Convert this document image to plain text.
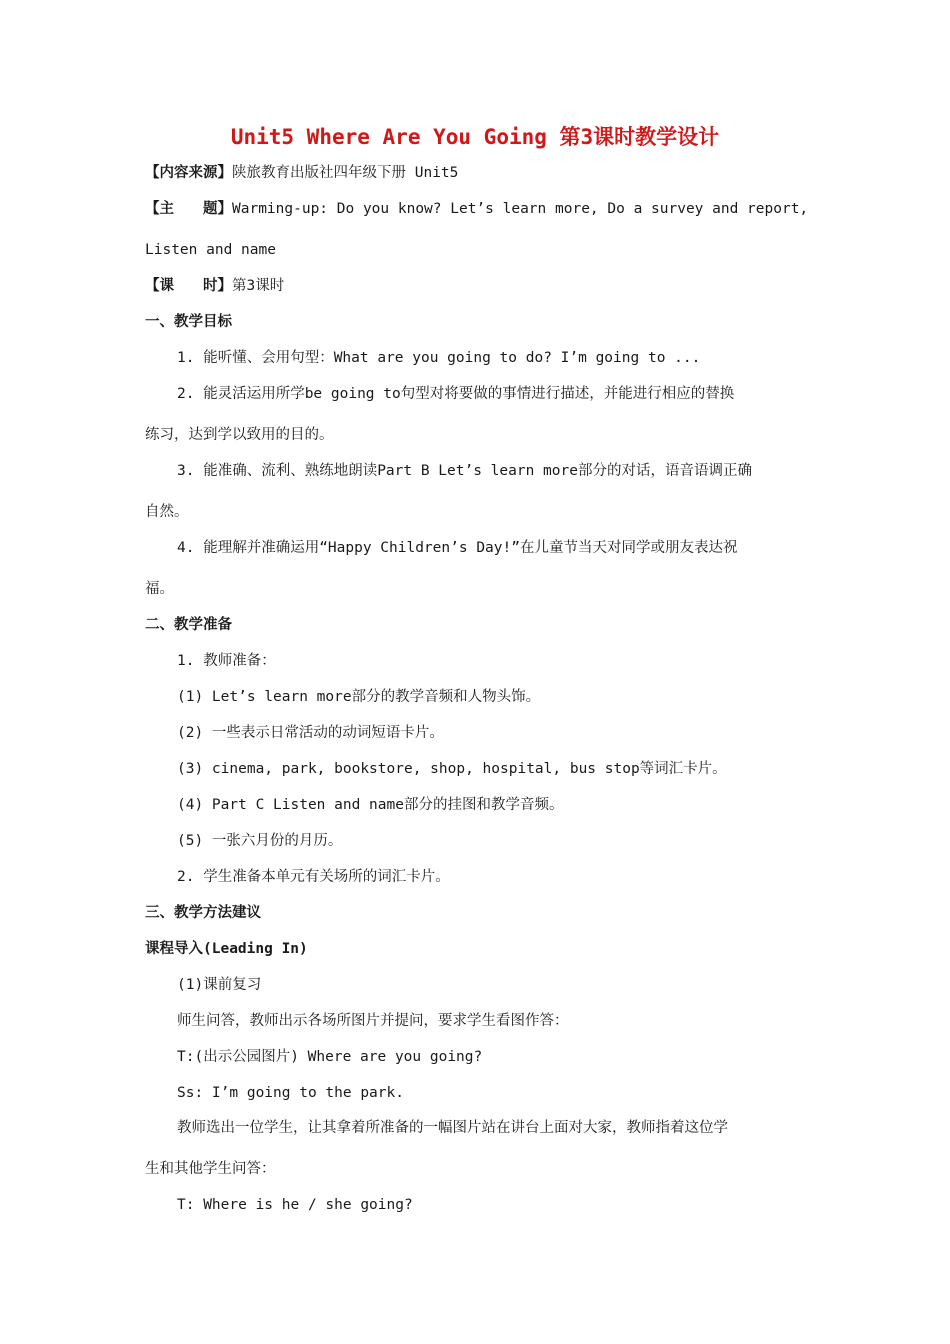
Unit5 Where Are You Going 第3课时教学设计
【内容来源】陕旅教育出版社四年级下册 Unit5
【主　　题】Warming-up: Do you know? Let’s learn more, Do a survey and report,
Listen and name
【课　　时】第3课时
一、教学目标
1. 能听懂、会用句型：What are you going to do? I’m going to ...
2. 能灵活运用所学be going to句型对将要做的事情进行描述，并能进行相应的替换
练习，达到学以致用的目的。
3. 能准确、流利、熟练地朗读Part B Let’s learn more部分的对话，语音语调正确
自然。
4. 能理解并准确运用“Happy Children’s Day!”在儿童节当天对同学或朋友表达祝
福。
二、教学准备
1. 教师准备：
(1) Let’s learn more部分的教学音频和人物头饰。
(2) 一些表示日常活动的动词短语卡片。
(3) cinema, park, bookstore, shop, hospital, bus stop等词汇卡片。
(4) Part C Listen and name部分的挂图和教学音频。
(5) 一张六月份的月历。
2. 学生准备本单元有关场所的词汇卡片。
三、教学方法建议
课程导入(Leading In)
(1)课前复习
师生问答，教师出示各场所图片并提问，要求学生看图作答：
T:(出示公园图片) Where are you going?
Ss: I’m going to the park.
教师选出一位学生，让其拿着所准备的一幅图片站在讲台上面对大家，教师指着这位学
生和其他学生问答：
T: Where is he / she going?
